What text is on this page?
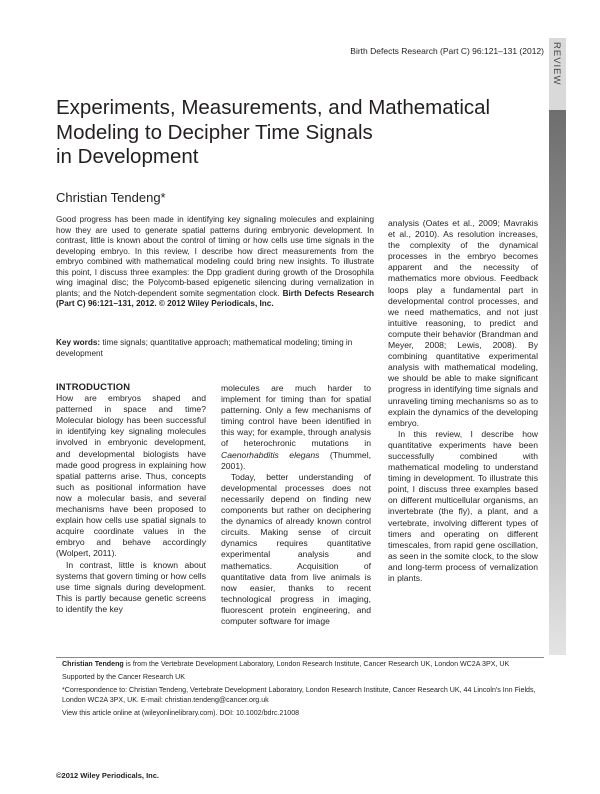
Birth Defects Research (Part C) 96:121–131 (2012) REVIEW
Experiments, Measurements, and Mathematical
Modeling to Decipher Time Signals
in Development
Christian Tendeng*

Good progress has been made in identifying key signaling molecules and explaining how they are used to generate spatial patterns during embryonic development. In contrast, little is known about the control of timing or how cells use time signals in the developing embryo. In this review, I describe how direct measurements from the embryo combined with mathematical modeling could bring new insights. To illustrate this point, I discuss three examples: the Dpp gradient during growth of the Drosophila wing imaginal disc; the Polycomb-based epigenetic silencing during vernalization in plants; and the Notch-dependent somite segmentation clock. Birth Defects Research (Part C) 96:121–131, 2012. © 2012 Wiley Periodicals, Inc.

Key words: time signals; quantitative approach; mathematical modeling; timing in development

INTRODUCTION

How are embryos shaped and patterned in space and time? Molecular biology has been successful in identifying key signaling molecules involved in embryonic development, and developmental biologists have made good progress in explaining how spatial patterns arise. Thus, concepts such as positional information have now a molecular basis, and several mechanisms have been proposed to explain how cells use spatial signals to acquire coordinate values in the embryo and behave accordingly (Wolpert, 2011).

In contrast, little is known about systems that govern timing or how cells use time signals during development. This is partly because genetic screens to identify the key

molecules are much harder to implement for timing than for spatial patterning. Only a few mechanisms of timing control have been identified in this way; for example, through analysis of heterochronic mutations in Caenorhabditis elegans (Thummel, 2001).

Today, better understanding of developmental processes does not necessarily depend on finding new components but rather on deciphering the dynamics of already known control circuits. Making sense of circuit dynamics requires quantitative experimental analysis and mathematics. Acquisition of quantitative data from live animals is now easier, thanks to recent technological progress in imaging, fluorescent protein engineering, and computer software for image

analysis (Oates et al., 2009; Mavrakis et al., 2010). As resolution increases, the complexity of the dynamical processes in the embryo becomes apparent and the necessity of mathematics more obvious. Feedback loops play a fundamental part in developmental control processes, and we need mathematics, and not just intuitive reasoning, to predict and compute their behavior (Brandman and Meyer, 2008; Lewis, 2008). By combining quantitative experimental analysis with mathematical modeling, we should be able to make significant progress in identifying time signals and unraveling timing mechanisms so as to explain the dynamics of the developing embryo.

In this review, I describe how quantitative experiments have been successfully combined with mathematical modeling to understand timing in development. To illustrate this point, I discuss three examples based on different multicellular organisms, an invertebrate (the fly), a plant, and a vertebrate, involving different types of timers and operating on different timescales, from rapid gene oscillation, as seen in the somite clock, to the slow and long-term process of vernalization in plants.

Christian Tendeng is from the Vertebrate Development Laboratory, London Research Institute, Cancer Research UK, London WC2A 3PX, UK

Supported by the Cancer Research UK

*Correspondence to: Christian Tendeng, Vertebrate Development Laboratory, London Research Institute, Cancer Research UK, 44 Lincoln's Inn Fields, London WC2A 3PX, UK. E-mail: christian.tendeng@cancer.org.uk

View this article online at (wileyonlinelibrary.com). DOI: 10.1002/bdrc.21008

©2012 Wiley Periodicals, Inc.
